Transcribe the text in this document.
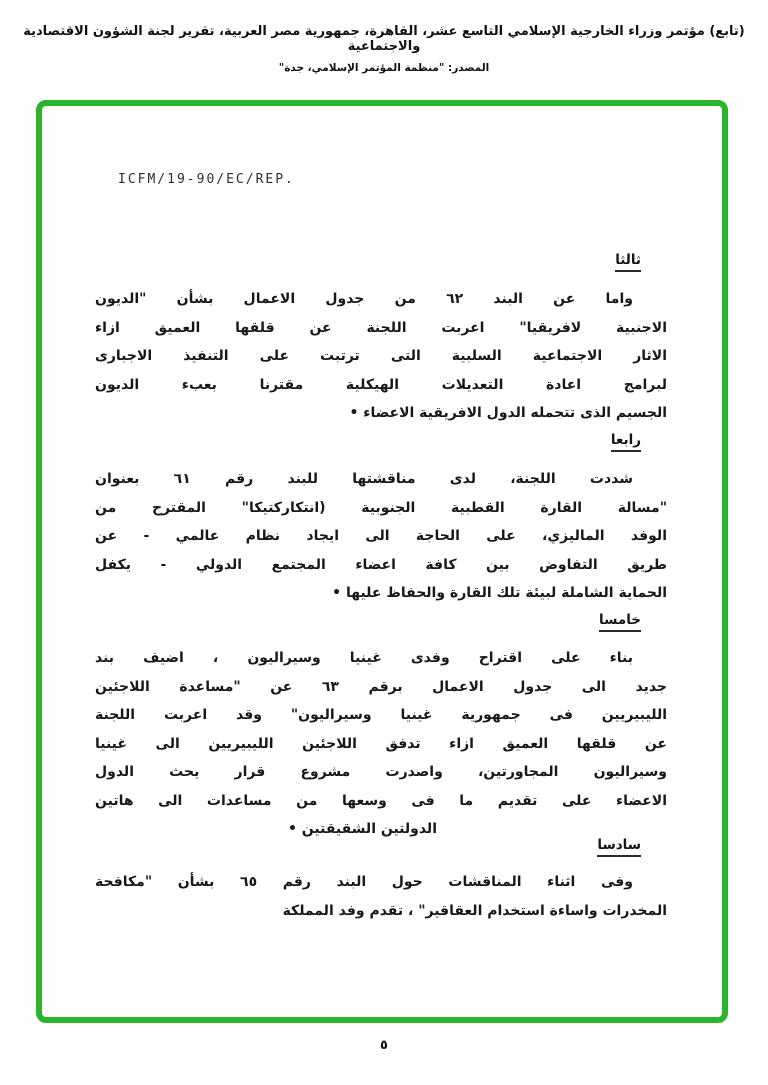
(تابع) مؤتمر وزراء الخارجية الإسلامي التاسع عشر، القاهرة، جمهورية مصر العربية، تقرير لجنة الشؤون الاقتصادية والاجتماعية
المصدر: "منظمة المؤتمر الإسلامي، جدة"
ICFM/19-90/EC/REP.
ثالثا
واما عن البند ٦٢ من جدول الاعمال بشأن "الديون
الاجنبية لافريقيا" اعربت اللجنة عن قلقها العميق ازاء
الاثار الاجتماعية السلبية التى ترتبت على التنفيذ الاجبارى
لبرامج اعادة التعديلات الهيكلية مقترنا بعبء الديون
الجسيم الذى تتحمله الدول الافريقية الاعضاء •
رابعا
شددت اللجنة، لدى مناقشتها للبند رقم ٦١ بعنوان
"مسالة القارة القطبية الجنوبية (انتكاركتيكا" المقترح من
الوفد الماليزي، على الحاجة الى ايجاد نظام عالمي - عن
طريق التفاوض بين كافة اعضاء المجتمع الدولي - يكفل
الحماية الشاملة لبيئة تلك القارة والحفاظ عليها •
خامسا
بناء على اقتراح وفدى غينيا وسيراليون ، اضيف بند
جديد الى جدول الاعمال برقم ٦٣ عن "مساعدة اللاجئين
الليبيريين فى جمهورية غينيا وسيراليون" وقد اعربت اللجنة
عن قلقها العميق ازاء تدفق اللاجئين الليبيريين الى غينيا
وسيراليون المجاورتين، واصدرت مشروع قرار يحث الدول
الاعضاء على تقديم ما فى وسعها من مساعدات الى هاتين
الدولتين الشقيقتين •
سادسا
وفى اثناء المناقشات حول البند رقم ٦٥ بشأن "مكافحة
المخدرات واساءة استخدام العقاقير" ، تقدم وفد المملكة
٥
